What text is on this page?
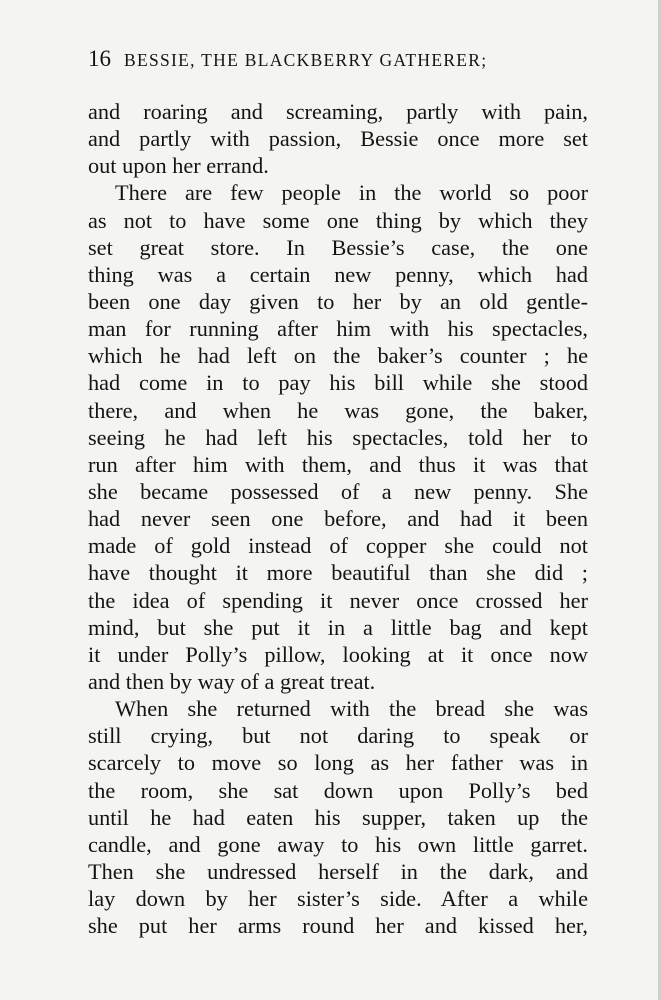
16 BESSIE, THE BLACKBERRY GATHERER;
and roaring and screaming, partly with pain,
and partly with passion, Bessie once more set
out upon her errand.
There are few people in the world so poor
as not to have some one thing by which they
set great store. In Bessie’s case, the one
thing was a certain new penny, which had
been one day given to her by an old gentle-
man for running after him with his spectacles,
which he had left on the baker’s counter ; he
had come in to pay his bill while she stood
there, and when he was gone, the baker,
seeing he had left his spectacles, told her to
run after him with them, and thus it was that
she became possessed of a new penny. She
had never seen one before, and had it been
made of gold instead of copper she could not
have thought it more beautiful than she did ;
the idea of spending it never once crossed her
mind, but she put it in a little bag and kept
it under Polly’s pillow, looking at it once now
and then by way of a great treat.
When she returned with the bread she was
still crying, but not daring to speak or
scarcely to move so long as her father was in
the room, she sat down upon Polly’s bed
until he had eaten his supper, taken up the
candle, and gone away to his own little garret.
Then she undressed herself in the dark, and
lay down by her sister’s side. After a while
she put her arms round her and kissed her,
